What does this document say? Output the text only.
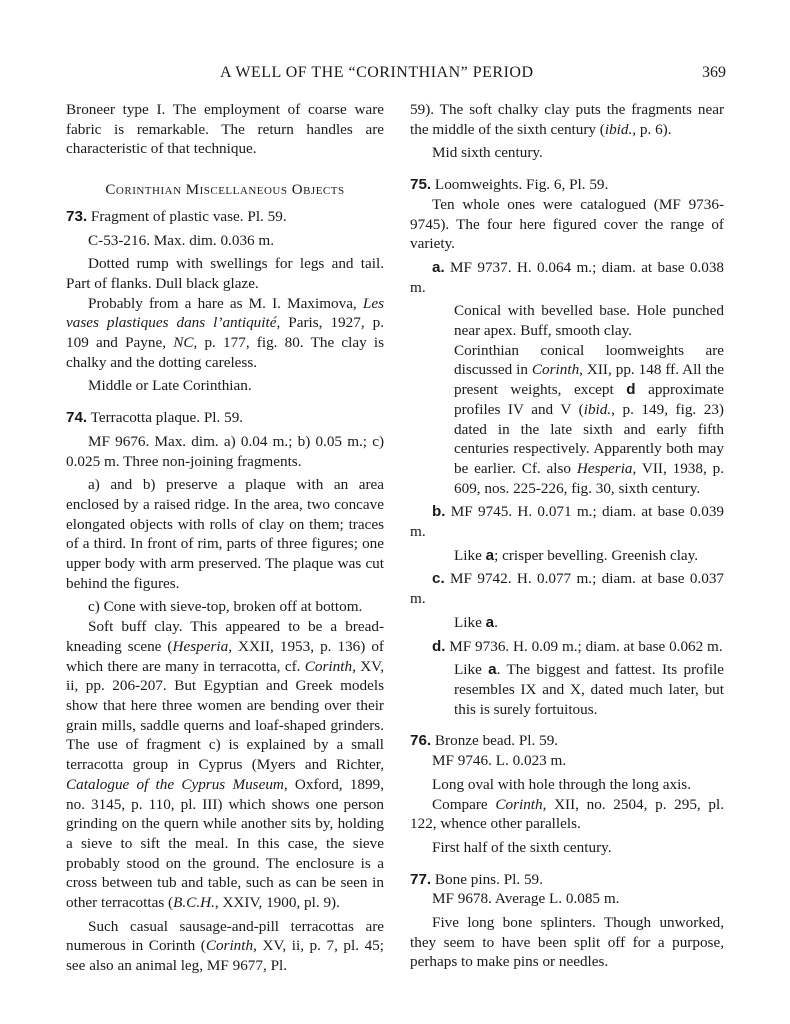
A WELL OF THE “CORINTHIAN” PERIOD	369

Broneer type I. The employment of coarse ware fabric is remarkable. The return handles are characteristic of that technique.

Corinthian Miscellaneous Objects

73. Fragment of plastic vase. Pl. 59.

C-53-216. Max. dim. 0.036 m.

Dotted rump with swellings for legs and tail. Part of flanks. Dull black glaze.

Probably from a hare as M. I. Maximova, Les vases plastiques dans l’antiquité, Paris, 1927, p. 109 and Payne, NC, p. 177, fig. 80. The clay is chalky and the dotting careless.

Middle or Late Corinthian.

74. Terracotta plaque. Pl. 59.

MF 9676. Max. dim. a) 0.04 m.; b) 0.05 m.; c) 0.025 m. Three non-joining fragments.

a) and b) preserve a plaque with an area enclosed by a raised ridge. In the area, two concave elongated objects with rolls of clay on them; traces of a third. In front of rim, parts of three figures; one upper body with arm preserved. The plaque was cut behind the figures.

c) Cone with sieve-top, broken off at bottom.

Soft buff clay. This appeared to be a bread-kneading scene (Hesperia, XXII, 1953, p. 136) of which there are many in terracotta, cf. Corinth, XV, ii, pp. 206-207. But Egyptian and Greek models show that here three women are bending over their grain mills, saddle querns and loaf-shaped grinders. The use of fragment c) is explained by a small terracotta group in Cyprus (Myers and Richter, Catalogue of the Cyprus Museum, Oxford, 1899, no. 3145, p. 110, pl. III) which shows one person grinding on the quern while another sits by, holding a sieve to sift the meal. In this case, the sieve probably stood on the ground. The enclosure is a cross between tub and table, such as can be seen in other terracottas (B.C.H., XXIV, 1900, pl. 9).

Such casual sausage-and-pill terracottas are numerous in Corinth (Corinth, XV, ii, p. 7, pl. 45; see also an animal leg, MF 9677, Pl.

59). The soft chalky clay puts the fragments near the middle of the sixth century (ibid., p. 6).

Mid sixth century.

75. Loomweights. Fig. 6, Pl. 59.

Ten whole ones were catalogued (MF 9736-9745). The four here figured cover the range of variety.

a. MF 9737. H. 0.064 m.; diam. at base 0.038 m.

Conical with bevelled base. Hole punched near apex. Buff, smooth clay.

Corinthian conical loomweights are discussed in Corinth, XII, pp. 148 ff. All the present weights, except d approximate profiles IV and V (ibid., p. 149, fig. 23) dated in the late sixth and early fifth centuries respectively. Apparently both may be earlier. Cf. also Hesperia, VII, 1938, p. 609, nos. 225-226, fig. 30, sixth century.

b. MF 9745. H. 0.071 m.; diam. at base 0.039 m.

Like a; crisper bevelling. Greenish clay.

c. MF 9742. H. 0.077 m.; diam. at base 0.037 m.

Like a.

d. MF 9736. H. 0.09 m.; diam. at base 0.062 m.

Like a. The biggest and fattest. Its profile resembles IX and X, dated much later, but this is surely fortuitous.

76. Bronze bead. Pl. 59.

MF 9746. L. 0.023 m.

Long oval with hole through the long axis.

Compare Corinth, XII, no. 2504, p. 295, pl. 122, whence other parallels.

First half of the sixth century.

77. Bone pins. Pl. 59.

MF 9678. Average L. 0.085 m.

Five long bone splinters. Though unworked, they seem to have been split off for a purpose, perhaps to make pins or needles.
